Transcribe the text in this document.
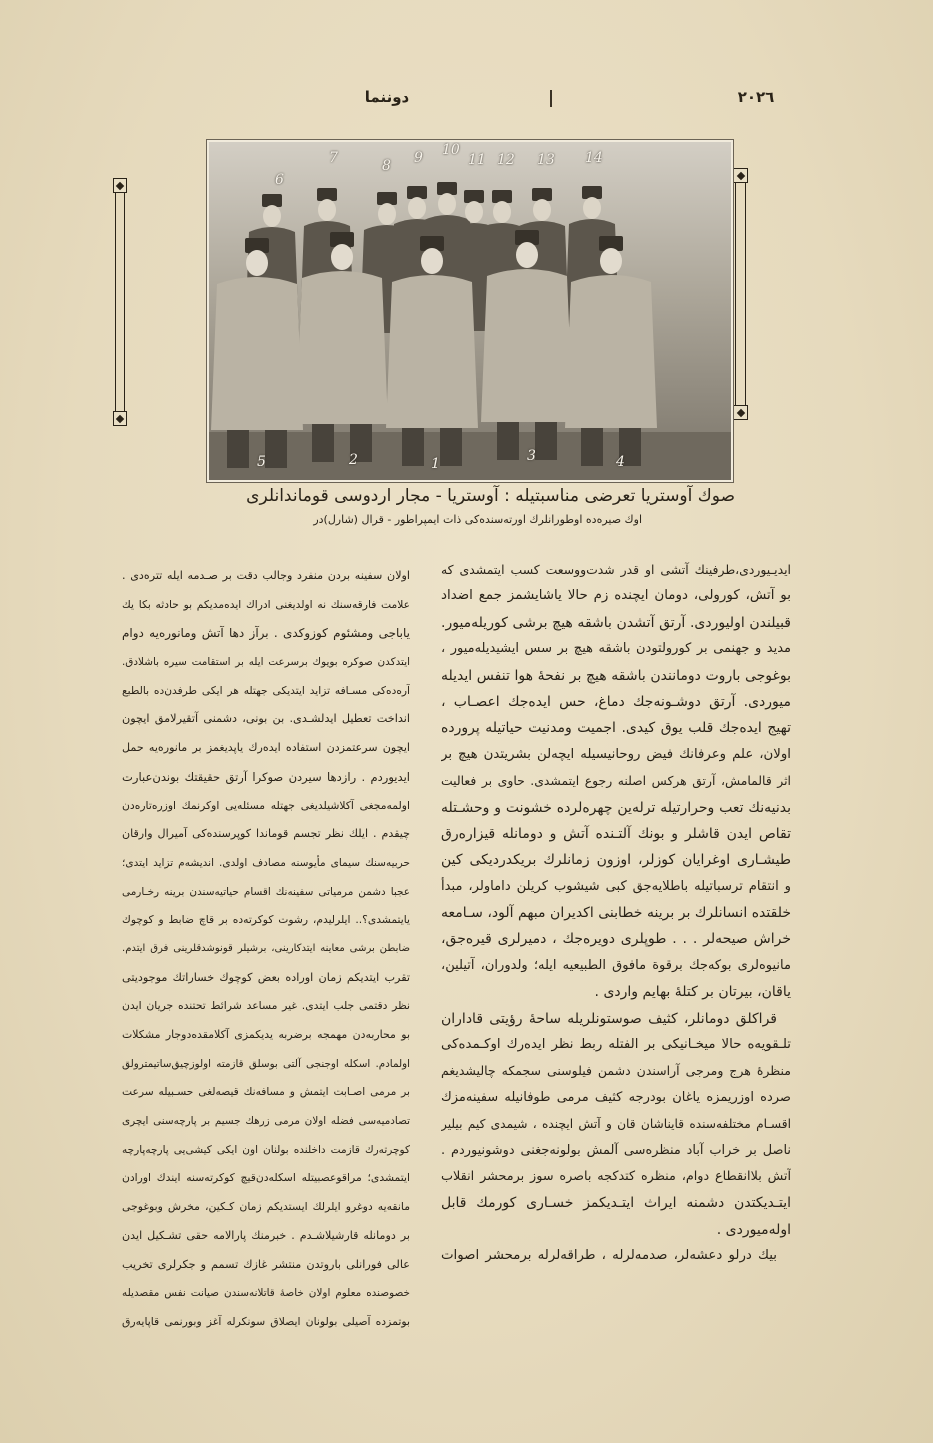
دوننما	٢٠٢٦
6
7	8 9 10
11 12 13 14
5	2	1	3	4
صوك آوستريا تعرضى مناسبتيله : آوستريا - مجار اردوسى قوماندانلرى
اوك صيره‌ده اوطورانلرك اورته‌سنده‌كى ذات ايمپراطور - قرال (شارل)در
ايديـيوردى،طرفينك آتشى او قدر شدت‌ووسعت كسب ايتمشدى كه
بو آتش، كورولى، دومان ايچنده زم حالا ياشايشمز جمع اضداد
قبيلندن اوليوردى. آرتق آتشدن باشقه هيچ برشى كوريله‌ميور.
مديد و جهنمى بر كورولتودن باشقه هيچ بر سس ايشيديله‌ميور ،
بوغوجى باروت دومانندن باشقه هيچ بر نفحهٔ هوا تنفس ايديله‌
ميوردى. آرتق دوشـونه‌جك دماغ، حس ايده‌جك اعصـاب ،
تهيج ايده‌جك قلب يوق كيدى. اجميت ومدنيت حياتيله پرورده
اولان، علم وعرفانك فيض روحانيسيله ايچه‌لن بشريتدن هيچ بر
اثر قالمامش، آرتق هركس اصلنه رجوع ايتمشدى. حاوى بر فعاليت
بدنيه‌نك تعب وحرارتيله ترله‌ين چهره‌لرده خشونت و وحشـتله
تقاص ايدن قاشلر و بونك آلتـنده آتش و دومانله قيزاره‌رق
طيشـارى اوغرايان كوزلر، اوزون زمانلرك بريكدرديكى كين
و انتقام ترسباتيله باطلايه‌جق كبى شيشوب كريلن داماولر، مبدأ
خلقتده انسانلرك بر برينه خطابنى اكديران مبهم آلود، سـامعه
خراش صيحه‌لر . . . طوپلرى دويره‌جك ، دميرلرى قيره‌جق،
مانيوه‌لرى بوكه‌جك برقوة مافوق الطبيعيه ايله؛ ولدوران، آتيلين،
ياقان، بيرتان بر كتلهٔ بهايم واردى .
قراكلق دومانلر، كثيف صوستونلريله ساحهٔ رؤيتى قاداران
تلـقويه‌ه حالا ميخـانيكى بر الفتله ربط نظر ايده‌رك اوكـمده‌كى
منظرهٔ هرج ومرجى آراسندن دشمن فيلوسنى سجمكه چاليشديغم
صرده اوزريمزه ياغان بودرجه كثيف مرمى طوفانيله سفينه‌مزك
اقسـام مختلفه‌سنده قايناشان قان و آتش ايچنده ، شيمدى كيم بيلير
ناصل بر خراب آباد منظره‌سى آلمش بولونه‌جغنى دوشونيوردم .
آتش بلاانقطاع دوام، منظره كتدكجه باصره سوز برمحشر انقلاب
ايتـديكتدن دشمنه ايراث ايتـديكمز خسـارى كورمك قابل
اوله‌ميوردى .
بيك درلو دعشه‌لر، صدمه‌لرله ، طراقه‌لرله برمحشر اصوات
اولان سفينه بردن منفرد وجالب دقت بر صـدمه ايله تتره‌دى .
علامت فارقه‌سنك نه اولديغنى ادراك ايده‌مديكم بو حادثه بكا يك
ياباجى ومشئوم كوزوكدى . برآز دها آتش ومانوره‌يه دوام
ايتدكدن صوكره بويوك برسرعت ايله بر استقامت سيره باشلادق.
آره‌ده‌كى مسـافه تزايد ايتديكى جهتله هر ايكى طرفدن‌ده بالطبع
انداخت تعطيل ايدلشـدى. بن بونى، دشمنى آتقيرلامق ايچون
ايچون سرعتمزدن استفاده ايده‌رك ياپديغمز بر مانوره‌يه حمل
ايديوردم . رازدها سيردن صوكرا آرتق حقيقتك بوندن‌عبارت
اولمه‌مجغى آكلاشيلديغى جهتله مسئله‌يى اوكرنمك اوزره‌تاره‌دن
چيقدم . ايلك نظر تجسم قوماندا كوپرسنده‌كى آميرال وارقان
حربيه‌سنك سيماى مأيوسنه مصادف اولدى. انديشه‌م تزايد ايتدى؛
عجبا دشمن مرمياتى سفينه‌نك اقسام حياتيه‌سندن برينه رخـارمى
يايتمشدى؟.. ايلرليدم، رشوت كوكرته‌ده بر قاچ ضابط و كوچوك
ضابطن برشى معاينه ايتدكارينى، برشيلر قونوشدقلرينى فرق ايتدم.
تقرب ايتديكم زمان اوراده بعض كوچوك خساراتك موجوديتى
نظر دقتمى جلب ايتدى. غير مساعد شرائط تحتنده جريان ايدن
بو محاربه‌دن مهمجه برضربه يديكمزى آكلامقده‌دوجار مشكلات
اولمادم. اسكله اوجنجى آلتى بوسلق قازمته اولوزچيق‌ساتيمترولق
بر مرمى اصـابت ايتمش و مسافه‌نك قيصه‌لغى حسـبيله سرعت
تصادميه‌سى فضله اولان مرمى زرهك جسيم بر پارچه‌سنى ايچرى
كوچرته‌رك قازمت داخلنده بولنان اون ايكى كيشى‌يى پارچه‌پارچه
ايتمشدى؛ مراقوعصبيتله اسكله‌دن‌قيچ كوكرته‌سنه ايندك اورادن
مانقه‌يه دوغرو ايلرلك ايستديكم زمان كـكين، مخرش وبوغوجى
بر دومانله قارشيلاشـدم . خبرمنك پارالامه حقى تشـكيل ايدن
عالى فورانلى باروتدن منتشر غازك تسمم و جكرلرى تخريب
خصوصنده معلوم اولان خاصهٔ قاتلانه‌سندن صيانت نفس مقصديله
بوتمزده آصيلى بولونان ايصلاق سونكرله آغز وبورنمى قاپايه‌رق
